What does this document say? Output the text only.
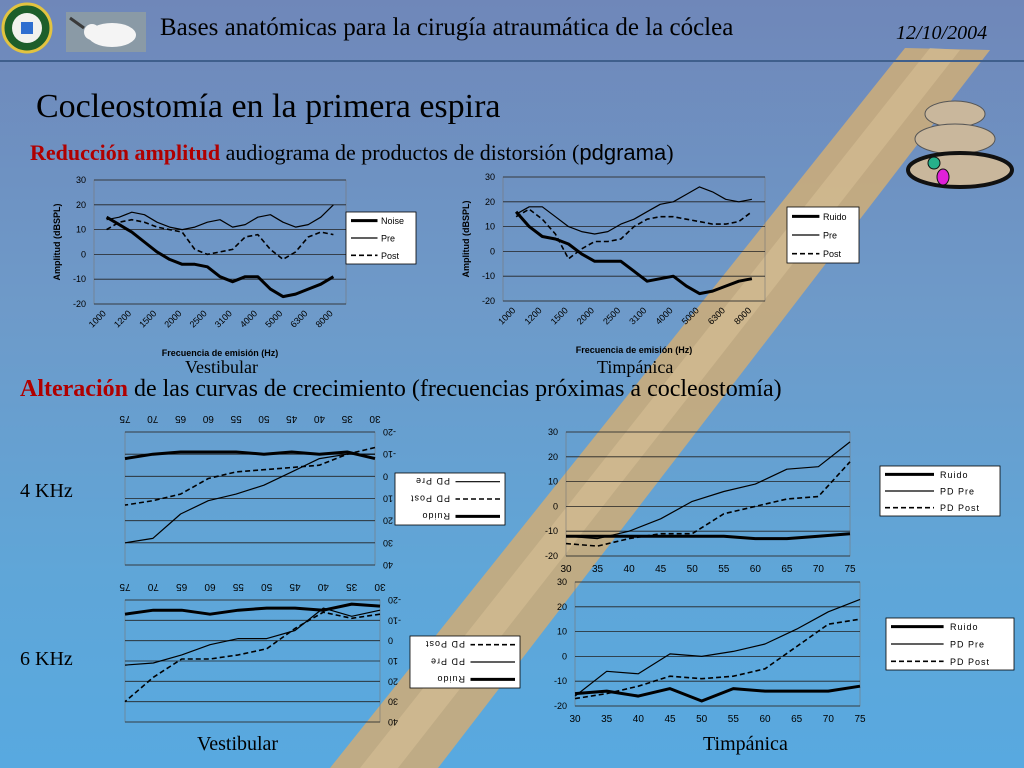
Bases anatómicas para la cirugía atraumática de la cóclea	12/10/2004
Cocleostomía en la primera espira
Reducción amplitud audiograma de productos de distorsión (pdgrama)
Alteración de las curvas de crecimiento (frecuencias próximas a cocleostomía)
Vestibular	Timpánica
4 KHz
6 KHz
Vestibular	Timpánica
-20
-10
0
10
20
30
1000 1200 1500 2000 2500 3100 4000 5000 6300 8000
Frecuencia de emisión (Hz)
Amplitud (dBSPL)	Noise
Pre
Post
-20
-10
0
10
20
30
1000 1200 1500 2000 2500 3100 4000 5000 6300 8000
Frecuencia de emisión (Hz)
Amplitud (dBSPL)	Ruido
Pre
Post
-20
-10
0
10
20
30
40
30
35
40
45
50
55
60
65
70
75
Ruido
PD Post
PD Pre
-20
-10
0
10
20
30
30 35 40 45 50 55 60 65 70 75
Ruido
PD Pre
PD Post
-20
-10
0
10
20
30
40
30
35
40
45
50
55
60
65
70
75
Ruido
PD Pre
PD Post
-20
-10
0
10
20
30
30 35 40 45 50 55 60 65 70 75
Ruido
PD Pre
PD Post
